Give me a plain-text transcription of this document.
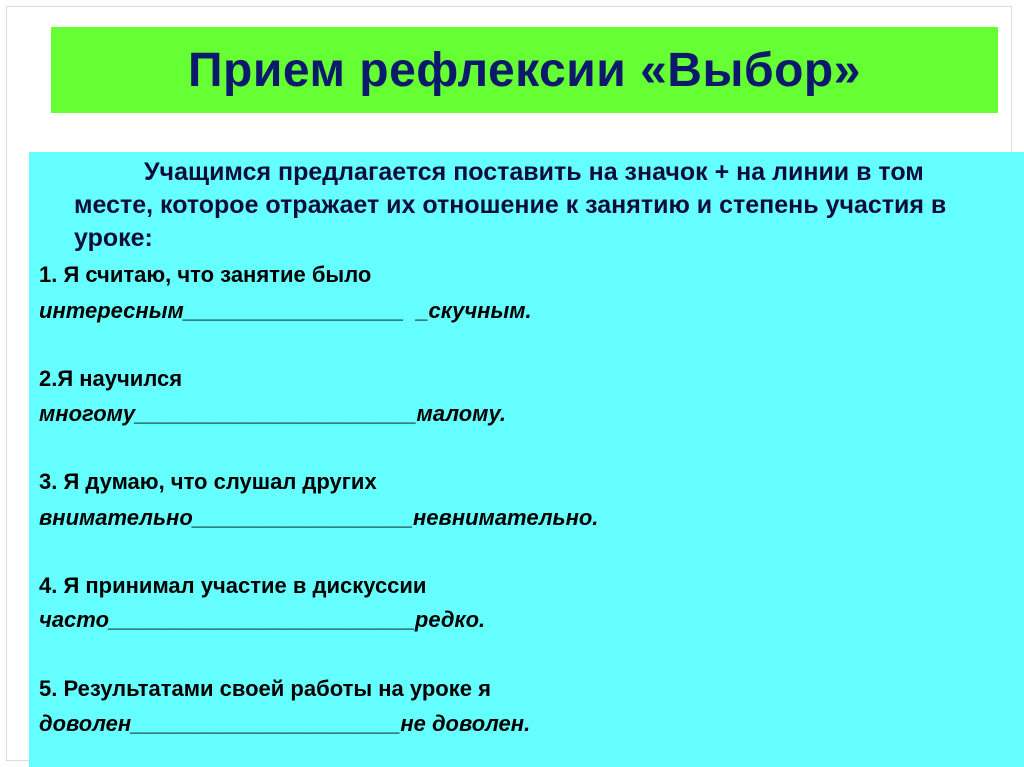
Прием рефлексии «Выбор»
Учащимся предлагается поставить на значок + на линии в том месте, которое отражает их отношение к занятию и степень участия в уроке:
1. Я считаю, что занятие было
интересным__________________  _скучным.
2.Я научился
многому_______________________малому.
3. Я думаю, что слушал других
внимательно__________________невнимательно.
4. Я принимал участие в дискуссии
часто_________________________редко.
5. Результатами своей работы на уроке я
доволен______________________не доволен.
